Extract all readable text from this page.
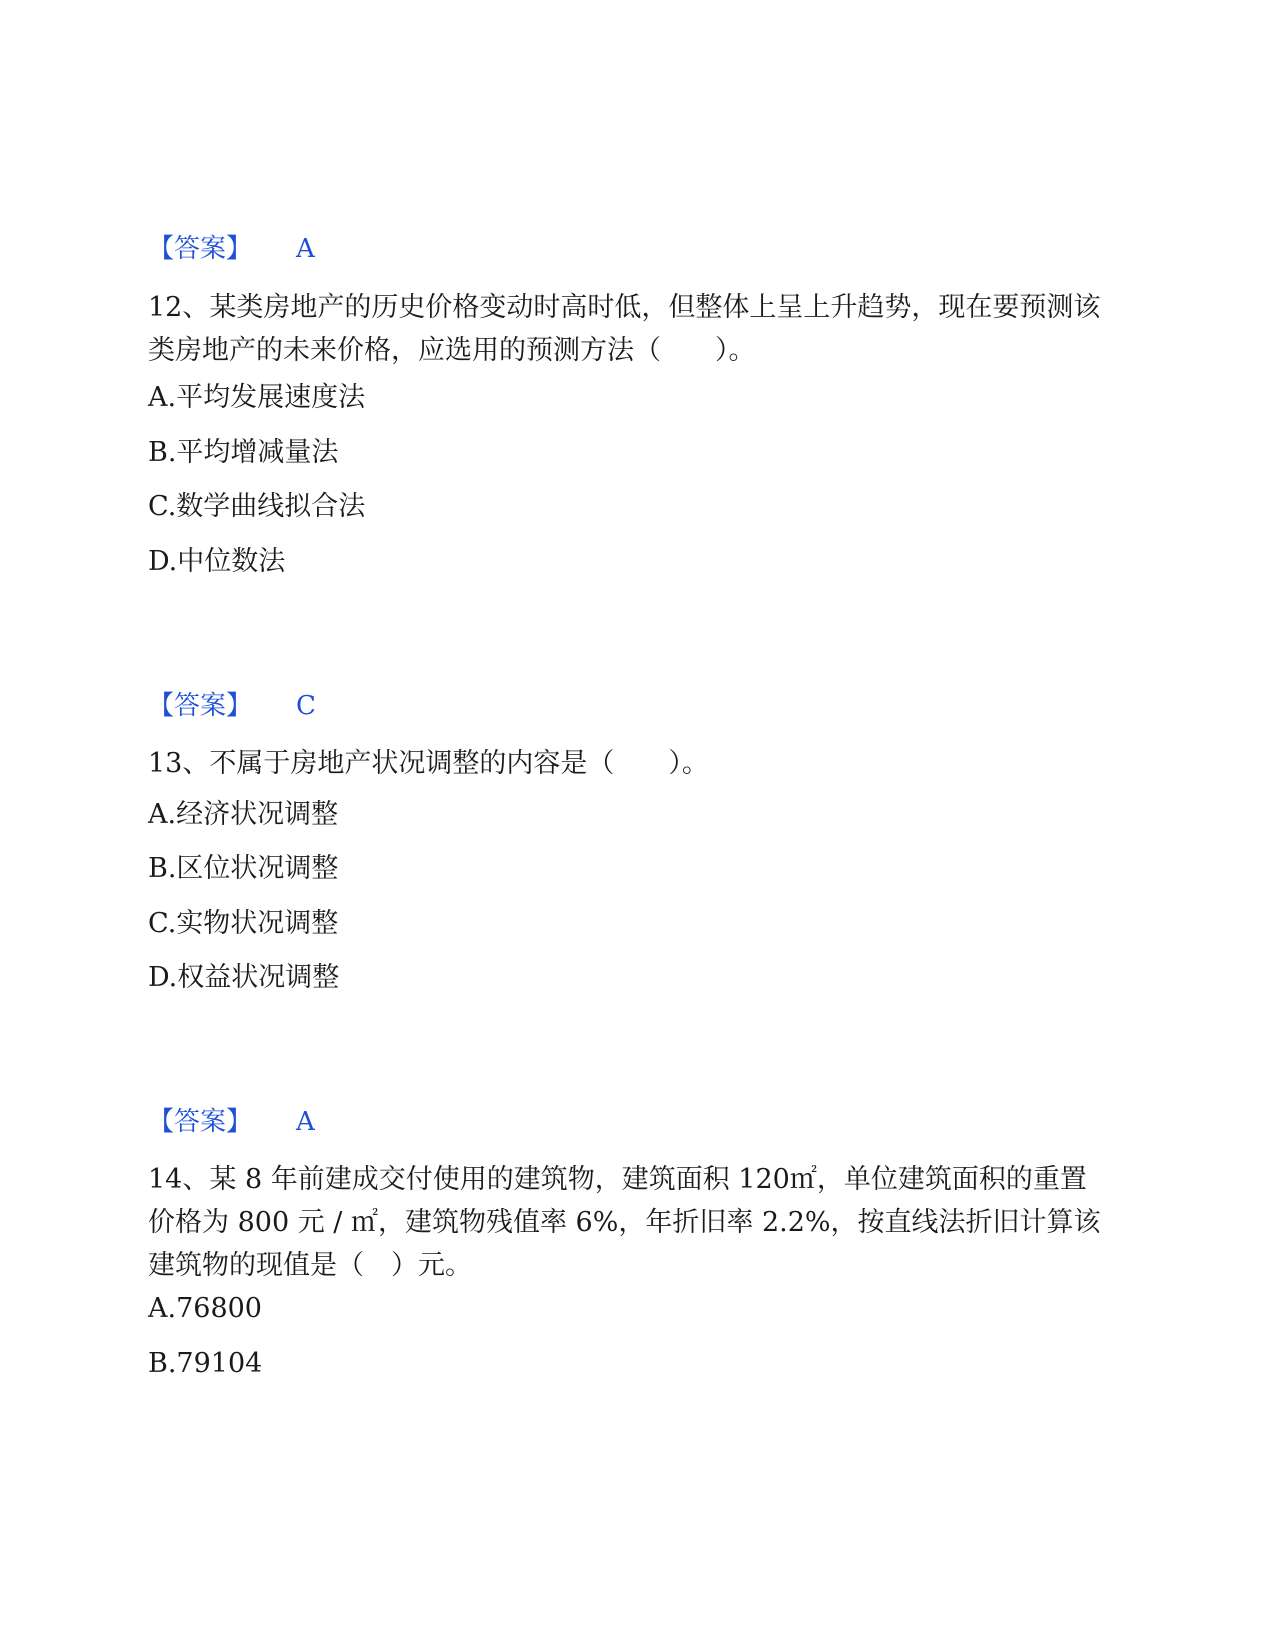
【答案】 A
12、某类房地产的历史价格变动时高时低，但整体上呈上升趋势，现在要预测该类房地产的未来价格，应选用的预测方法（　　）。
A.平均发展速度法
B.平均增减量法
C.数学曲线拟合法
D.中位数法
【答案】 C
13、不属于房地产状况调整的内容是（　　）。
A.经济状况调整
B.区位状况调整
C.实物状况调整
D.权益状况调整
【答案】 A
14、某 8 年前建成交付使用的建筑物，建筑面积 120㎡，单位建筑面积的重置价格为 800 元 / ㎡，建筑物残值率 6%，年折旧率 2.2%，按直线法折旧计算该建筑物的现值是（　）元。
A.76800
B.79104
